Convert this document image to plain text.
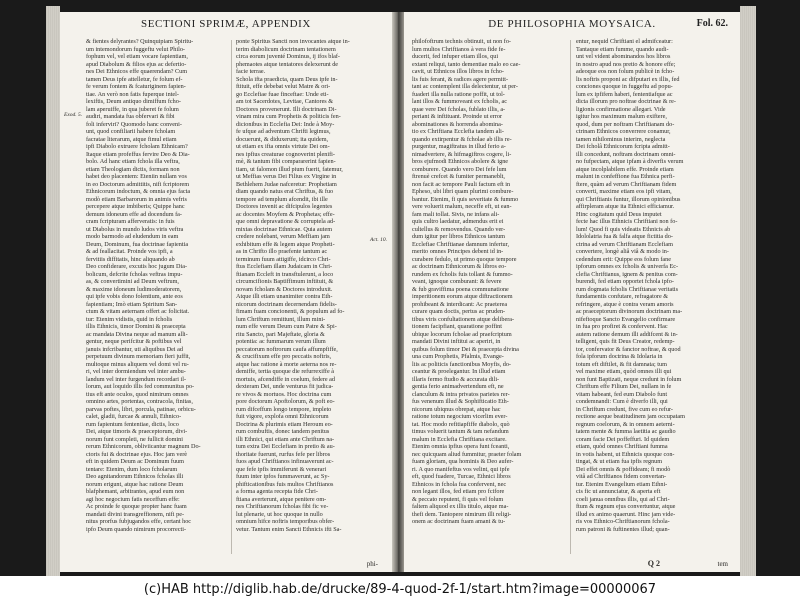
SECTIONI SPRIMÆ, APPENDIX
Exod. 5.
& fientes delyrantes? Quinquipiam Spiritu-
um intemondorum fuggeftu velut Philo-
fophum vel, vel etiam vocare fapientiam,
apud Diabolum & filios ejus ac defertio-
nes Dei Ethnicos effe quaerendam? Cum
tamen Deus ipfe attelletur, fe folum ef-
fe verum fontem & fcaturiginem fapien-
tiae. An verò non fatis fuperque intel-
lexiftis, Deum antiquo dimiffum fcho-
lam aperuiffe, in qua juberet fe folum
audiri, mandata fua obfervari & fibi
foli inferviri? Quomodo hanc conveni-
unt, quod confiliarii habere fcholam
facratae literarum, atque fimul etiam
ipfi Diabolo extruere fcholam Ethnicam?
Itaque etiam profeffus fervire Deo & Dia-
bolo. Ad hanc etiam fchola illa veftra,
etiam Theologiam dictis, formam non
habet deo placentem: Eteniin nullam vos
in eo Doctorum admittitis, nifi fcriptorem
Ethnicorum indoctum, & omnia ejus facta
modò etiam Barbarorum in animis vefris
percepere atque imbiberis; Quippe hanc
demum idoneum effe ad docendum fa-
cram fcripturam afferveratis: in fuis
ut Diabolus in mundo ludos viris veftra
modo barmodo ad eludendum in eam
Deum, Dominum, fua doctrinae fapientia
& ad feallacitat. Proinde vos ipfi, a
fervitiis diffitatis, hinc aliquando ab
Deo confiderare, excutis hoc jugum Dia-
bolicum, defcrite fcholas veftras impu-
as, & convertimini ad Deum veftrum,
& maxime idoneum ludimoderatorem,
qui ipfe vobis dono folentium, ante eos
fapientiam; Imò etiam Spiritum San-
ctum & vitam aeternam offert ac folicitat.
tur: Etenim vidistis, quid in fcholis
illis Ethnicis, timor Domini & praecepta
ac mandata Divina neque ad manum alli-
gentur, neque perifcitur & poftibus vel
januis infcribantur, uti aliquibus Dei ad
perpetuum divinum memoriam fieri juffit,
multoque minus aliquem vel domi vel ru-
ri, vel inter dormiendum vel inter ambu-
landum vel inter furgendum recordari il-
lorum, aut loquido illis fed communitus po-
tius eft ante oculos, quod nimirum omnes
omnino artes, portentas, contracola, finitas,
parvas poftes, libri, porcula, patinae, orbicu-
calet, gladii, furcae & annuli, Ethnico-
rum fapientum fententiae, dictis, loco
Dei, atque timoris & praeceptorum, divi-
norum funt completi, ne fullicit domini
rerum Ethnicorum, obliviicantur magnum Do-
ctoris fui & doctrinae ejus. Hoc jam verè
eft in quidem Deum ac Dominum fuum
tentare: Etenim, dum loco fcholarum
Deo agnitandorum Ethnicos fcholas illi
norum erigunt, atque hac ratione Deum
blafphemant, arbitrantes, apud eum non
agi hoc negocium fatis neceffum effe:
Ac proinde fe quoque propter hanc fuam
mandati divini transgreffionem, nifi pe-
nitus prorfus fubjugandos effe, certant hoc
ipfo Deum quando nimirum procorrecti-
ponte Spiritus Sancti non invocantes atque in-
terim diabolicum doctrinam tentationem
circa eorum juventé Dominus, ij ifos blaf-
phemaotes atque tentatores delexerunt de
facie terrae.
Schola ifta praedicta, quam Deus ipfe in-
ftituit, effe debebat velut Matre & ori-
go Ecclefiae fuae finceftae: Unde eti-
am tot Sacerdotes, Levitae, Cantores &
Doctores provenerunt. Illi doctrinam Di-
vinam mira cum Prophetis & politicis fen-
dicionibus in Ecclefia Dei: Inde à Moy-
fe ufque ad adventum Chrifti legimus,
docuerunt, & diduxerunt; ita quidem,
ut etiam ex ifta omnis virtute Dei om-
nes ipfius creaturae cognoverint plenifi-
mè, & tantum fibi compararerint fapien-
tiam, ut falomon illud pium fuerit, fatemur,
ut Meffias verus Dei Filius ex Virgine in
Bethlehem Judae nafceretur: Prophetiam
diam quando natus erat Chriftus, & fuo
tempore ad templum afcendit, ibi ille
Doctores invenit ac difcipulos legentes
ac docentes Moyfem & Prophetas; effe-
que omni depravatione & corruptela ad-
mixtas doctrinae Ethnicae. Quia autem
credere nolebant, verum Meffiam jam
exhibitum effe & legem atque Propheti-
as in Chrifto illo praefente tantum ac
terminum fuum attigiffe, idcirco Chri-
ftus Ecclefiam illam Judaicam in Chri-
ftianam Eccleft in transftulerunt, a loco
circumcifionis Baptiffimum inftituit, &
novam fcholam & Doctores introduxit.
Atque illi etiam unanimiter contra Eth-
nicorum doctrinam decernendam fidelis-
fimam fuam concionenti, & populum ad fo-
lum Chriftum remittunt, illum mini-
num effe verum Deum cum Patre & Spi-
ritu Sancto, pari Majeftate, gloria &
potentia: ac fummarum verum illum
peccatorum noftrorum caufa affumpfiffe,
& crucifixum effe pro peccatis noftris,
atque hac ratione à morte aeterna nos re-
demiffe, tertia quoque die refurrexiffe à
mortuis, afcendiffe in coelum, federe ad
dexteram Dei, unde venturus fit judica-
re vivos & mortuos. Hoc doctrina cum
pore doctorum Apoftolorum, & poft eo-
rum difceffum longo tempore, impleto
fuit vigore, explofa omni Ethnicorum
Doctrina & plurimis etiam Heroum eo-
rum combuftis, donec tandem penitus
illi Ethnici, qui etiam ante Chriftum na-
tum extra Dei Ecclefiam in pretio & au-
thoritate fuerunt, rurfus fefe per libros
fuos apud Chriftianos infinuaverunt ac-
que fefe ipfis immiferunt & venerari
fuum inter ipfos fummaverunt, ac Sy-
phifticationibus fuis multos Chriftianos
a forma agenta recepta fide Chri-
ftiana averterunt, atque penitere om-
nes Chriftianorum fcholas fibi fic ve-
lut plenarie, ut hoc quoque in nullo
omnium hifce noftris temporibus obfer-
vetur. Tantum enim Sancti Ethnicis ifti Sa-
phi-
DE PHILOSOPHIA MOYSAICA.	Fol. 62.
Act. 10.
philofoftrum technis obtinuit, ut non fo-
lum multos Chriftianos à vera fide fe-
ducerit, fed infuper etiam illos, qui
extant reliqui, tanto dementiae malo eo cae-
cavit, ut Ethnicos illos libros in fcho-
lis fuis ferant, & radices agere permitt-
tant ac contemplent illa delectentur, ut per-
fuaderi illa nulla ratione poffit, ut tol-
lant illos & fummoveant ex fcholis, ac
quae vere Dei fcholas, fublato illis, a-
periant & inftituant. Proinde ut error
abominationes & horrenda abomina-
tio ex Chriftiana Ecclefia tandem ali-
quando extirpentur & fcholae ab illis re-
purgentur, magiftratus in illud ferio a-
nimadvertere, & hifmagiftros cogere, li-
bros ejufmodi Ethnicos abolere & igne
comburere. Quando vero Dei fefe lum
ftrenuè crefcet & fumiter permaneblt,
non facit ac tempore Pauli factum eft in
Epheso, ubi libri quam plurimi combure-
bantur. Etenim, fi quis severitate & fummo
vere voluerit malum, neceffe eft, ut ean-
fam mali tollat. Sivis, ne infans ali-
quis cultro laedatur, admendus erit ei
cultellus & removendus. Quando ver-
dum igitur per libros Ethnicos tantum
Ecclefiae Chriftianae damnum infertur,
merito omnes Principes debent id in-
curabere fedulo, ut primo quoque tempore
ac doctrinam Ethnicorum & libros eo-
rundem ex fcholis fuis tollant & fummo-
veant, ignoque comburant: & fevere
& fub graviffima poena communatione
imperitionem eorum atque diftractionem
prohibeant & interdicant: Ac praeterea
curare quam doctis, pertus ac pruden-
tibus viris confultationem atque delibera-
tionem facipfiant, quaratione poffint
ubique locorum fcholae ad praefcriptum
mandati Divini inftitui ac aperiri, in
quibus folum timor Dei & praecepta divina
una cum Prophetis, Pfalmis, Evange-
liis ac politicis fanctionibus Moyfis, do-
ceantur & proelegantur. In illud etiam
illaris fermo ftudio & accurata dili-
gentia ferio animadvertendum eft, ne
clanculum & intra privatos parietes rer-
fus venenum illud & Sophifticatio Eth-
nicorum ubiqnus obrepat, atque hac
ratione totum negocium vicerlim ever-
tat. Hoc modo refitiapfiffe diabolo, quò
timus voluerit tantum & tam nefandum
malum in Ecclefia Chriftiana excitare.
Etenim omnia ipfius opera funt fceanti,
nec quicquam aliud fummitur, praeter folam
fuam gloriam, qua hominis & Deo aufer-
ri. A quo manifeftus vos velint, qui ipfe
eft, quod fuadere, Turcae, Ethnici libros
Ethnicos in fchola fua confervent, nec
non legant illos, fed etiam pro fcifore
& peccato reputent, fi quis vel folum
faltem aliquod ex illis titulo, atque ma-
thefi dem. Tantopere nimirum illi religi-
onem ac doctrinam fuam amant & tu-
entur, nequid Chriftiani el admifceatur:
Tantaque etiam fumme, quando audi-
unt vel vident abominandos hos libros
in nostro apud nos pretio & honore effe;
adeoque eos non folum publicè in fcho-
lis noftris proponi ac difputari ex illis, fed
conciones quoque in fuggeftu ad popu-
lum ex ipfifem haberi, fententiafque ac
dicta illorum pro noftrae doctrinae & re-
ligionis confirmatione allegari. Vide
igitur hos maximum malum exiftere,
quod, dum per noftram Chriftianam do-
ctrinam Ethnicos converrere conamur,
tamen nihilominus interim, neglecta
Dei fcholâ Ethnicorum fcripta admitt-
illi concedunt, noftram doctrinam omni-
no fufpectam, atque ipfam à diverfis verum
atque incolplabilem effe. Proinde etiam
malunt in confeffione fua Ethnica perfi-
ftere, quàm ad verum Chriftianam fidem
converti, maxime etiam eos ipfi vitam,
qui Chriftianis funtur, illorum opinionibus
affirpleram atque ita Ethnici efficiamur.
Hinc cogitatum quid Deus imputet
fecte hac illus Ethnicis Chriftiani non fo-
lum! Quod fi quis videatis Ethnicis ab
Idololatria fua & falfa atque fictitia do-
ctrina ad verum Chriftianam Ecclefiam
convertere, longè aliâ viâ & modo in-
cedendum erit: Quippe eos folum fane
ipforum omnes ex fcholis & univerfa Ec-
clefia Chriftianus, ignem & penitus com-
burendi, fed etiam opportet fchola ipfo-
rum dogmata fcholis Chriftianae veritatis
fundamentis confutare, refragatore &
refringere, atque è contra veram amoris
ac praeceptorum divinorum doctrinam ma-
nifeftoque Sancto Evangelio confirmare
in fua pro profiret & confervent. Hac
autem ratione demum illi addifcent & in-
telligent, quis fit Deus Creator, redemp-
tor, confervator & fanctor noftrae, & quod
fola ipforum doctrina & Idolaria in
totum eft diftilet, & fit damnata; tum
vel maxime etiam, quòd omnes illi qui
non funt Baptizati, neque credunt in folum
Chriftum effe Filium Dei, nullam in fe
vitam habeant, fed eum Diabolo funt
condemnandi: Cum è diverfo illi, qui
in Chriftum credunt, five cum eo refur-
rectione aeque beatitudinem jam occupatam
regnum coelorum, & in omnem aeterni-
tatem mente & fumma laetitia ac gaudio
coram facie Dei poffeffuri. Id quidem
etiam, quòd omnes Chriftiani fumma
in votis habent, ut Ethnicis quoque con-
tingat, & ut etiam fua ipfis regnum
Dei effet omnis & poffideam; fi modò
vitâ ad Chriftianos fidem convertan-
tur. Etenim Evangelium etiam Ethni-
cis fic ut annunciatur, & aperta eft
coeli janua omnibus illis, qui ad Chri-
ftum & regnum ejus convertuntur, atque
illud ex animo quaerunt. Hinc jam vide-
ris vos Ethnico-Chriftianorum fchola-
rum patroni & fuftinentes illud; quan-
Q 2	tem
(c)HAB http://diglib.hab.de/drucke/89-4-quod-2f-1/start.htm?image=00000067
